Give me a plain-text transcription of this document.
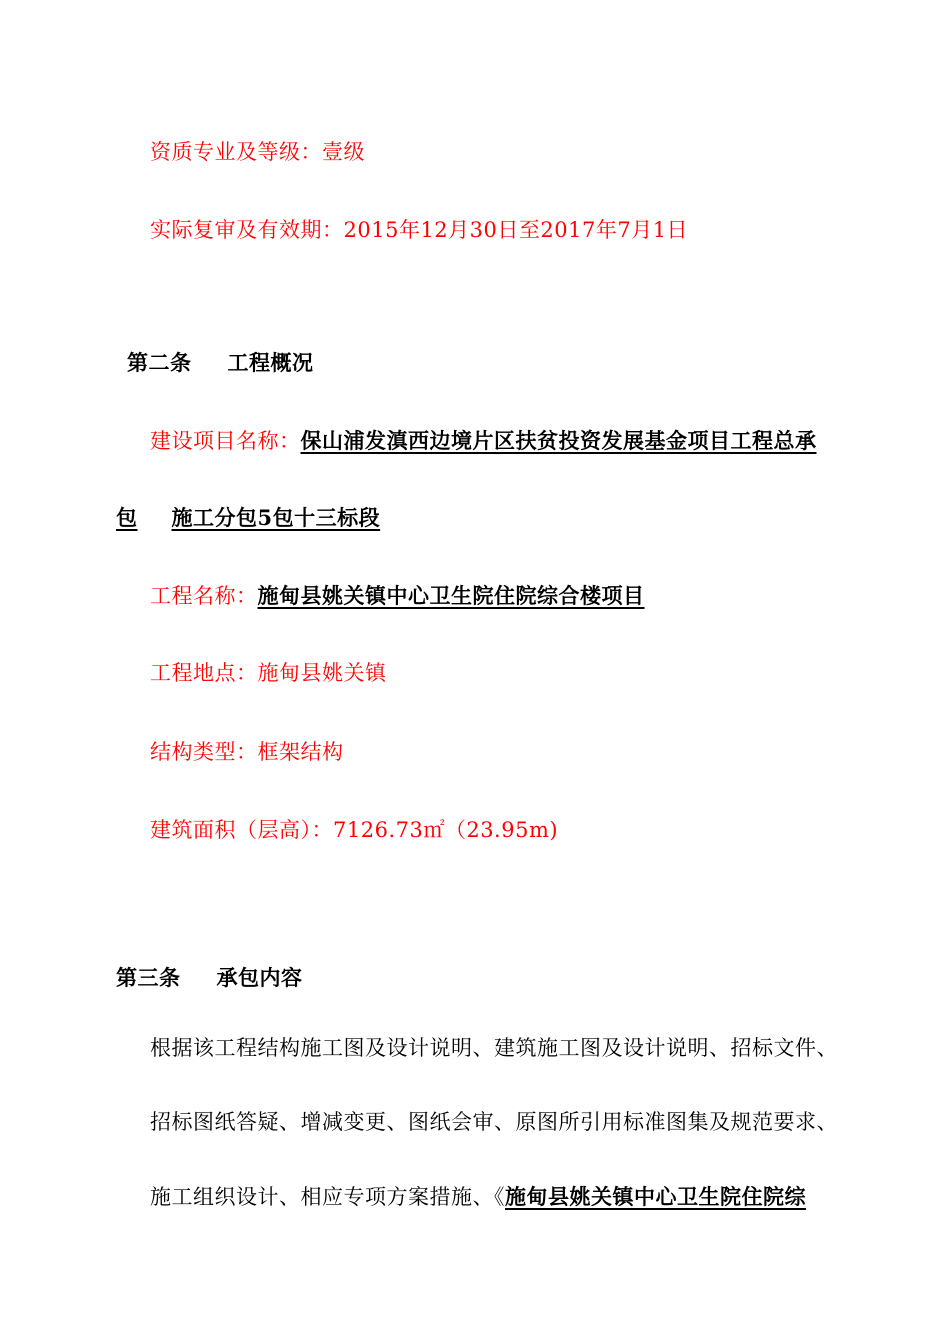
资质专业及等级：壹级
实际复审及有效期：2015年12月30日至2017年7月1日
第二条 工程概况
建设项目名称：保山浦发滇西边境片区扶贫投资发展基金项目工程总承
包 施工分包5包十三标段
工程名称：施甸县姚关镇中心卫生院住院综合楼项目
工程地点：施甸县姚关镇
结构类型：框架结构
建筑面积（层高）：7126.73㎡（23.95m)
第三条 承包内容
根据该工程结构施工图及设计说明、建筑施工图及设计说明、招标文件、
招标图纸答疑、增减变更、图纸会审、原图所引用标准图集及规范要求、
施工组织设计、相应专项方案措施、《施甸县姚关镇中心卫生院住院综
